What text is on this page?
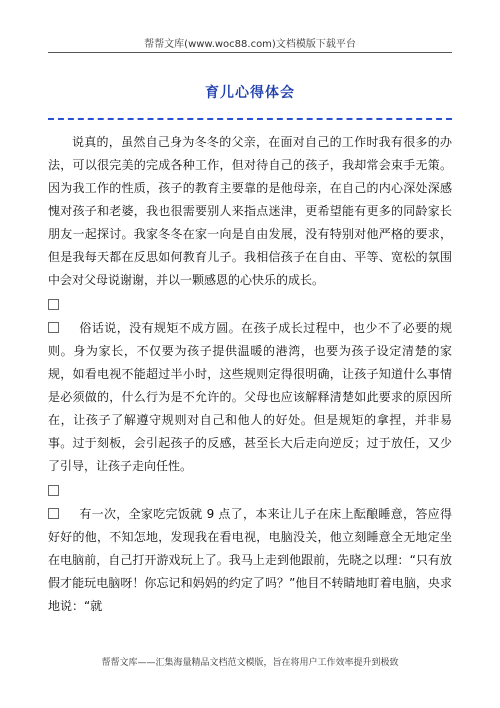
帮帮文库(www.woc88.com)文档模版下载平台
育儿心得体会

说真的，虽然自己身为冬冬的父亲，在面对自己的工作时我有很多的办法，可以很完美的完成各种工作，但对待自己的孩子，我却常会束手无策。因为我工作的性质，孩子的教育主要靠的是他母亲，在自己的内心深处深感愧对孩子和老婆，我也很需要别人来指点迷津，更希望能有更多的同龄家长朋友一起探讨。我家冬冬在家一向是自由发展，没有特别对他严格的要求，但是我每天都在反思如何教育儿子。我相信孩子在自由、平等、宽松的氛围中会对父母说谢谢，并以一颗感恩的心快乐的成长。

俗话说，没有规矩不成方圆。在孩子成长过程中，也少不了必要的规则。身为家长，不仅要为孩子提供温暖的港湾，也要为孩子设定清楚的家规，如看电视不能超过半小时，这些规则定得很明确，让孩子知道什么事情是必须做的，什么行为是不允许的。父母也应该解释清楚如此要求的原因所在，让孩子了解遵守规则对自己和他人的好处。但是规矩的拿捏，并非易事。过于刻板，会引起孩子的反感，甚至长大后走向逆反；过于放任，又少了引导，让孩子走向任性。

有一次，全家吃完饭就 9 点了，本来让儿子在床上酝酿睡意，答应得好好的他，不知怎地，发现我在看电视，电脑没关，他立刻睡意全无地定坐在电脑前，自己打开游戏玩上了。我马上走到他跟前，先晓之以理：“只有放假才能玩电脑呀！你忘记和妈妈的约定了吗？”他目不转睛地盯着电脑，央求地说：“就

帮帮文库——汇集海量精品文档范文模版，旨在将用户工作效率提升到极致
